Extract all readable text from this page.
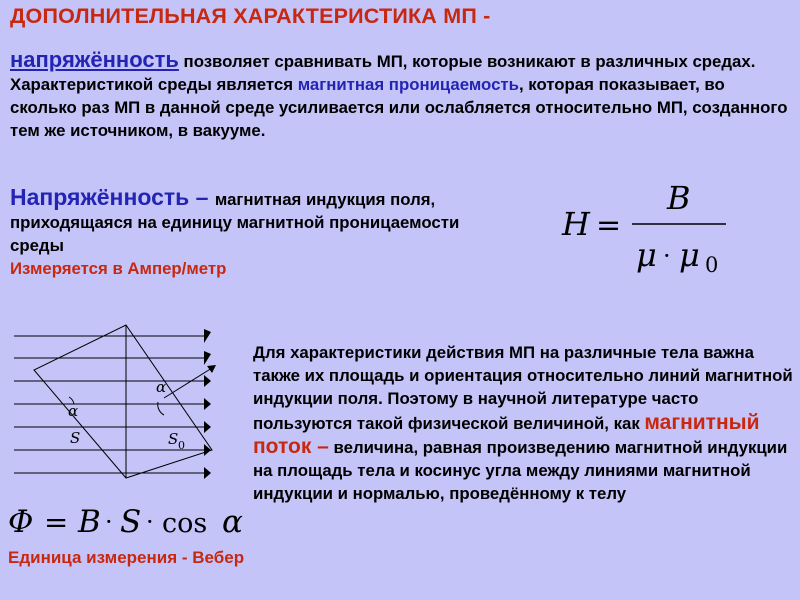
ДОПОЛНИТЕЛЬНАЯ ХАРАКТЕРИСТИКА МП -
напряжённость позволяет сравнивать МП, которые возникают в различных средах. Характеристикой среды является магнитная проницаемость, которая показывает, во сколько раз МП в данной среде усиливается или ослабляется относительно МП, созданного тем же источником, в вакууме.
Напряжённость – магнитная индукция поля, приходящаяся на единицу магнитной проницаемости среды
Измеряется в Ампер/метр
H =
B
μ · μ 0
α
α
S	S 0
Φ = B · S · cos α
Единица измерения - Вебер
Для характеристики действия МП на различные тела важна также их площадь и ориентация относительно линий магнитной индукции поля. Поэтому в научной литературе часто пользуются такой физической величиной, как магнитный поток – величина, равная произведению магнитной индукции на площадь тела и косинус угла между линиями магнитной индукции и нормалью, проведённому к телу
